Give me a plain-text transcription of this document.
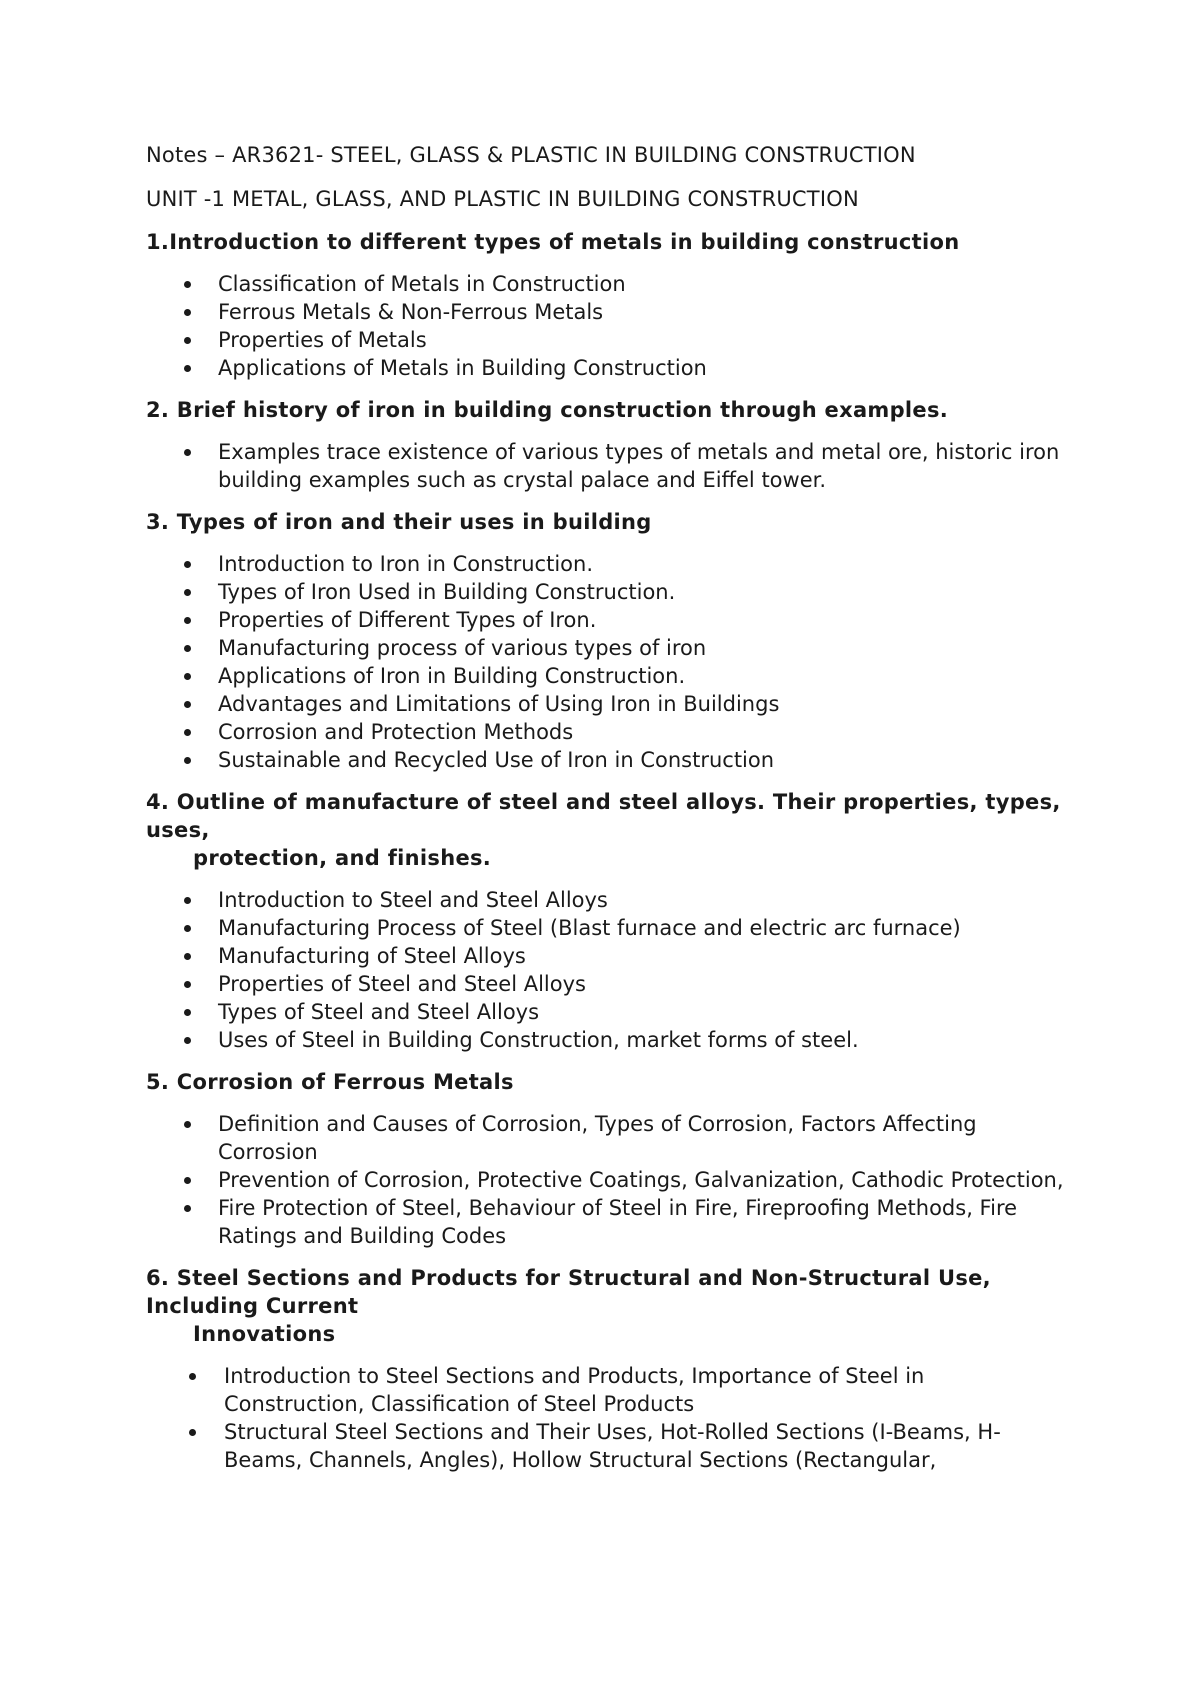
Notes – AR3621- STEEL, GLASS & PLASTIC IN BUILDING CONSTRUCTION
UNIT -1 METAL, GLASS, AND PLASTIC IN BUILDING CONSTRUCTION
1.Introduction to different types of metals in building construction
Classification of Metals in Construction
Ferrous Metals & Non-Ferrous Metals
Properties of Metals
Applications of Metals in Building Construction
2. Brief history of iron in building construction through examples.
Examples trace existence of various types of metals and metal ore, historic iron building examples such as crystal palace and Eiffel tower.
3. Types of iron and their uses in building
Introduction to Iron in Construction.
Types of Iron Used in Building Construction.
Properties of Different Types of Iron.
Manufacturing process of various types of iron
Applications of Iron in Building Construction.
Advantages and Limitations of Using Iron in Buildings
Corrosion and Protection Methods
Sustainable and Recycled Use of Iron in Construction
4. Outline of manufacture of steel and steel alloys. Their properties, types, uses,
protection, and finishes.
Introduction to Steel and Steel Alloys
Manufacturing Process of Steel (Blast furnace and electric arc furnace)
Manufacturing of Steel Alloys
Properties of Steel and Steel Alloys
Types of Steel and Steel Alloys
Uses of Steel in Building Construction, market forms of steel.
5. Corrosion of Ferrous Metals
Definition and Causes of Corrosion, Types of Corrosion, Factors Affecting Corrosion
Prevention of Corrosion, Protective Coatings, Galvanization, Cathodic Protection,
Fire Protection of Steel, Behaviour of Steel in Fire, Fireproofing Methods, Fire Ratings and Building Codes
6. Steel Sections and Products for Structural and Non-Structural Use, Including Current
Innovations
Introduction to Steel Sections and Products, Importance of Steel in Construction, Classification of Steel Products
Structural Steel Sections and Their Uses, Hot-Rolled Sections (I-Beams, H-Beams, Channels, Angles), Hollow Structural Sections (Rectangular,
